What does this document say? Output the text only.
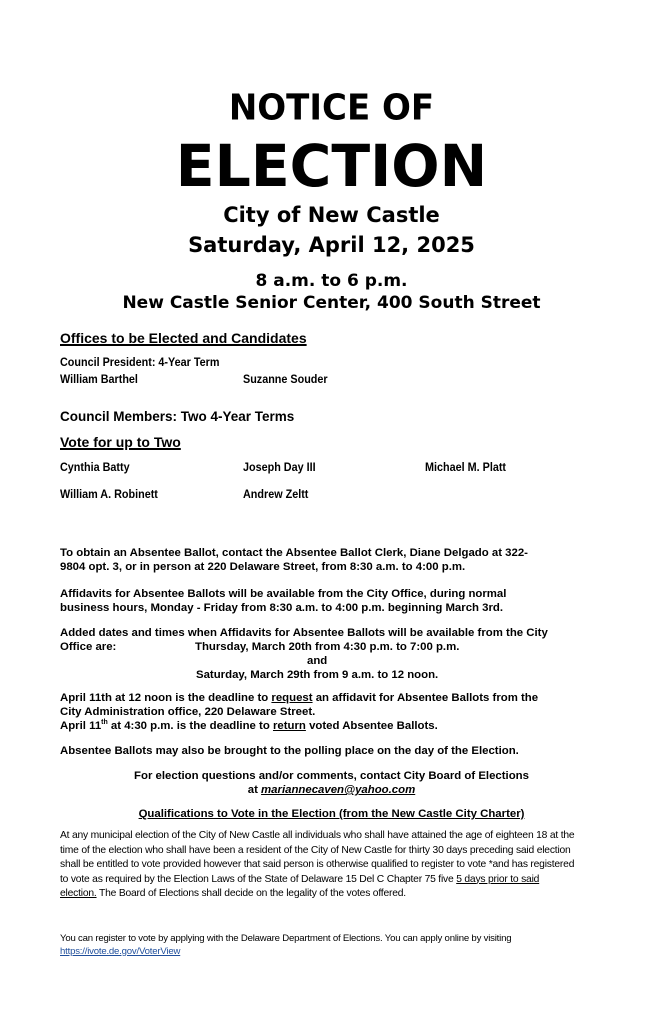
NOTICE OF
ELECTION
City of New Castle
Saturday, April 12, 2025
8 a.m. to 6 p.m.
New Castle Senior Center, 400 South Street
Offices to be Elected and Candidates
Council President: 4-Year Term
William Barthel	Suzanne Souder
Council Members: Two 4-Year Terms
Vote for up to Two
Cynthia Batty	Joseph Day III	Michael M. Platt
William A. Robinett	Andrew Zeltt
To obtain an Absentee Ballot, contact the Absentee Ballot Clerk, Diane Delgado at 322-
9804 opt. 3, or in person at 220 Delaware Street, from 8:30 a.m. to 4:00 p.m.
Affidavits for Absentee Ballots will be available from the City Office, during normal
business hours, Monday - Friday from 8:30 a.m. to 4:00 p.m. beginning March 3rd.
Added dates and times when Affidavits for Absentee Ballots will be available from the City
Office are:	Thursday, March 20th from 4:30 p.m. to 7:00 p.m.
and
Saturday, March 29th from 9 a.m. to 12 noon.
April 11th at 12 noon is the deadline to request an affidavit for Absentee Ballots from the
City Administration office, 220 Delaware Street.
April 11th at 4:30 p.m. is the deadline to return voted Absentee Ballots.
Absentee Ballots may also be brought to the polling place on the day of the Election.
For election questions and/or comments, contact City Board of Elections
at mariannecaven@yahoo.com
Qualifications to Vote in the Election (from the New Castle City Charter)
At any municipal election of the City of New Castle all individuals who shall have attained the age of eighteen 18 at the
time of the election who shall have been a resident of the City of New Castle for thirty 30 days preceding said election
shall be entitled to vote provided however that said person is otherwise qualified to register to vote *and has registered
to vote as required by the Election Laws of the State of Delaware 15 Del C Chapter 75 five 5 days prior to said
election. The Board of Elections shall decide on the legality of the votes offered.
You can register to vote by applying with the Delaware Department of Elections. You can apply online by visiting
https://ivote.de.gov/VoterView
